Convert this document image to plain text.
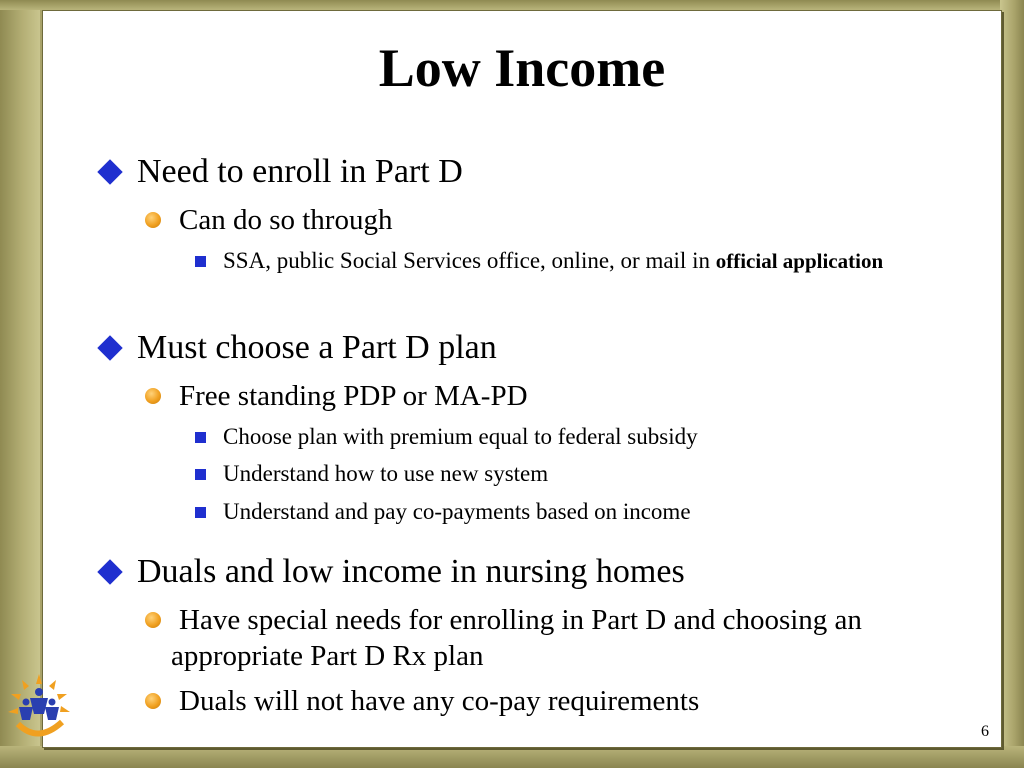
Low Income
Need to enroll in Part D
Can do so through
SSA, public Social Services office, online, or mail in official application
Must choose a Part D plan
Free standing PDP or MA-PD
Choose plan with premium equal to federal subsidy
Understand how to use new system
Understand and pay co-payments based on income
Duals and low income in nursing homes
Have special needs for enrolling in Part D and choosing an appropriate Part D Rx plan
Duals will not have any co-pay requirements
6
